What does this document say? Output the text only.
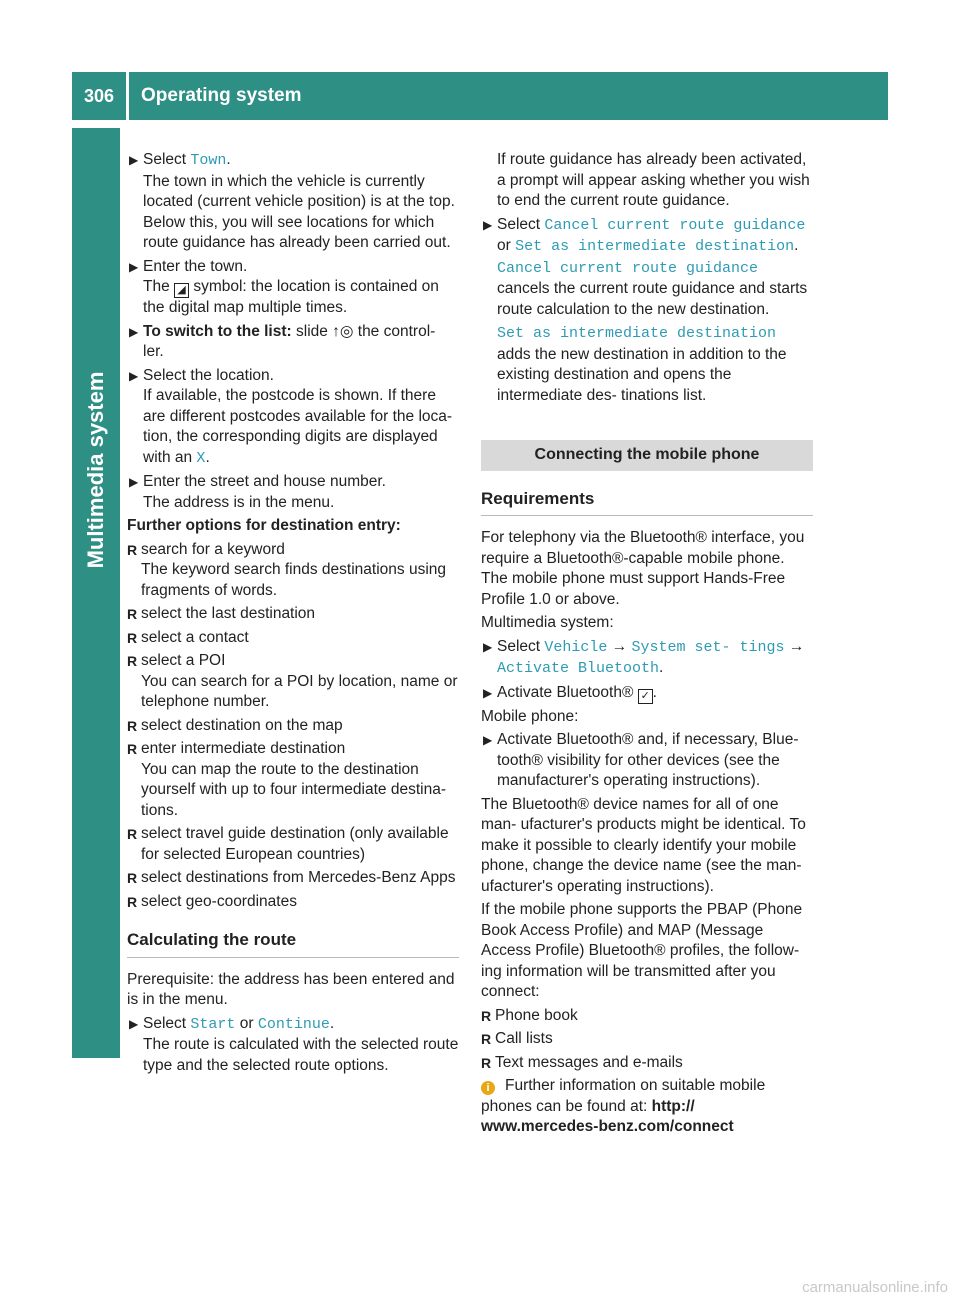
306	Operating system
Multimedia system
▶ Select Town.
The town in which the vehicle is currently located (current vehicle position) is at the top. Below this, you will see locations for which route guidance has already been carried out.
▶ Enter the town.
The ◢ symbol: the location is contained on the digital map multiple times.
▶ To switch to the list: slide ↑◎ the control- ler.
▶ Select the location.
If available, the postcode is shown. If there are different postcodes available for the loca- tion, the corresponding digits are displayed with an X.
▶ Enter the street and house number.
The address is in the menu.

Further options for destination entry:

R search for a keyword
The keyword search finds destinations using fragments of words.
R select the last destination
R select a contact
R select a POI
You can search for a POI by location, name or telephone number.
R select destination on the map
R enter intermediate destination
You can map the route to the destination yourself with up to four intermediate destina- tions.
R select travel guide destination (only available for selected European countries)
R select destinations from Mercedes-Benz Apps
R select geo-coordinates
Calculating the route

Prerequisite: the address has been entered and is in the menu.

▶ Select Start or Continue.
The route is calculated with the selected route type and the selected route options.

If route guidance has already been activated, a prompt will appear asking whether you wish to end the current route guidance.

▶ Select Cancel current route guidance or Set as intermediate destination.
Cancel current route guidance cancels the current route guidance and starts route calculation to the new destination.
Set as intermediate destination adds the new destination in addition to the existing destination and opens the intermediate des- tinations list.
Connecting the mobile phone
Requirements

For telephony via the Bluetooth® interface, you require a Bluetooth®-capable mobile phone. The mobile phone must support Hands-Free Profile 1.0 or above.

Multimedia system:

▶ Select Vehicle → System set- tings → Activate Bluetooth.
▶ Activate Bluetooth® ✓ .

Mobile phone:

▶ Activate Bluetooth® and, if necessary, Blue- tooth® visibility for other devices (see the manufacturer's operating instructions).

The Bluetooth® device names for all of one man- ufacturer's products might be identical. To make it possible to clearly identify your mobile phone, change the device name (see the man- ufacturer's operating instructions).

If the mobile phone supports the PBAP (Phone Book Access Profile) and MAP (Message Access Profile) Bluetooth® profiles, the follow- ing information will be transmitted after you connect:

R Phone book
R Call lists
R Text messages and e-mails

i Further information on suitable mobile phones can be found at: http:// www.mercedes-benz.com/connect

carmanualsonline.info
